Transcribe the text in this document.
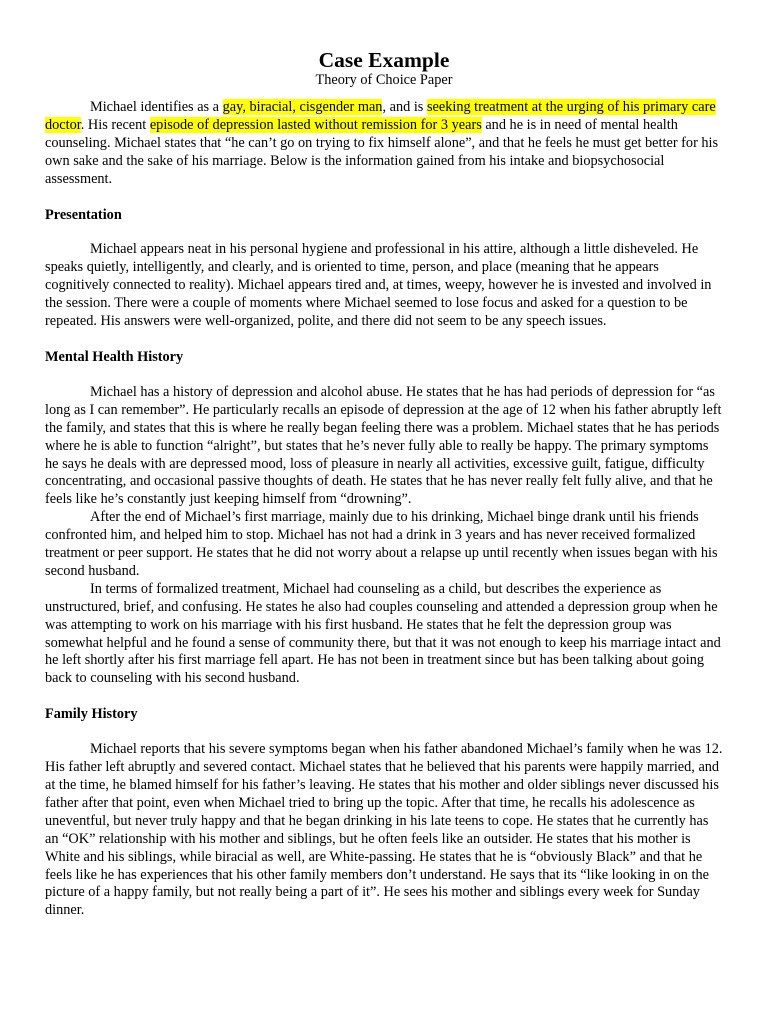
Case Example
Theory of Choice Paper

Michael identifies as a gay, biracial, cisgender man, and is seeking treatment at the urging of his primary care doctor. His recent episode of depression lasted without remission for 3 years and he is in need of mental health counseling. Michael states that “he can’t go on trying to fix himself alone”, and that he feels he must get better for his own sake and the sake of his marriage. Below is the information gained from his intake and biopsychosocial assessment.

Presentation

Michael appears neat in his personal hygiene and professional in his attire, although a little disheveled. He speaks quietly, intelligently, and clearly, and is oriented to time, person, and place (meaning that he appears cognitively connected to reality). Michael appears tired and, at times, weepy, however he is invested and involved in the session. There were a couple of moments where Michael seemed to lose focus and asked for a question to be repeated. His answers were well-organized, polite, and there did not seem to be any speech issues.

Mental Health History

Michael has a history of depression and alcohol abuse. He states that he has had periods of depression for “as long as I can remember”. He particularly recalls an episode of depression at the age of 12 when his father abruptly left the family, and states that this is where he really began feeling there was a problem. Michael states that he has periods where he is able to function “alright”, but states that he’s never fully able to really be happy. The primary symptoms he says he deals with are depressed mood, loss of pleasure in nearly all activities, excessive guilt, fatigue, difficulty concentrating, and occasional passive thoughts of death. He states that he has never really felt fully alive, and that he feels like he’s constantly just keeping himself from “drowning”.

After the end of Michael’s first marriage, mainly due to his drinking, Michael binge drank until his friends confronted him, and helped him to stop. Michael has not had a drink in 3 years and has never received formalized treatment or peer support. He states that he did not worry about a relapse up until recently when issues began with his second husband.

In terms of formalized treatment, Michael had counseling as a child, but describes the experience as unstructured, brief, and confusing. He states he also had couples counseling and attended a depression group when he was attempting to work on his marriage with his first husband. He states that he felt the depression group was somewhat helpful and he found a sense of community there, but that it was not enough to keep his marriage intact and he left shortly after his first marriage fell apart. He has not been in treatment since but has been talking about going back to counseling with his second husband.

Family History

Michael reports that his severe symptoms began when his father abandoned Michael’s family when he was 12. His father left abruptly and severed contact. Michael states that he believed that his parents were happily married, and at the time, he blamed himself for his father’s leaving. He states that his mother and older siblings never discussed his father after that point, even when Michael tried to bring up the topic. After that time, he recalls his adolescence as uneventful, but never truly happy and that he began drinking in his late teens to cope. He states that he currently has an “OK” relationship with his mother and siblings, but he often feels like an outsider. He states that his mother is White and his siblings, while biracial as well, are White-passing. He states that he is “obviously Black” and that he feels like he has experiences that his other family members don’t understand. He says that its “like looking in on the picture of a happy family, but not really being a part of it”. He sees his mother and siblings every week for Sunday dinner.
